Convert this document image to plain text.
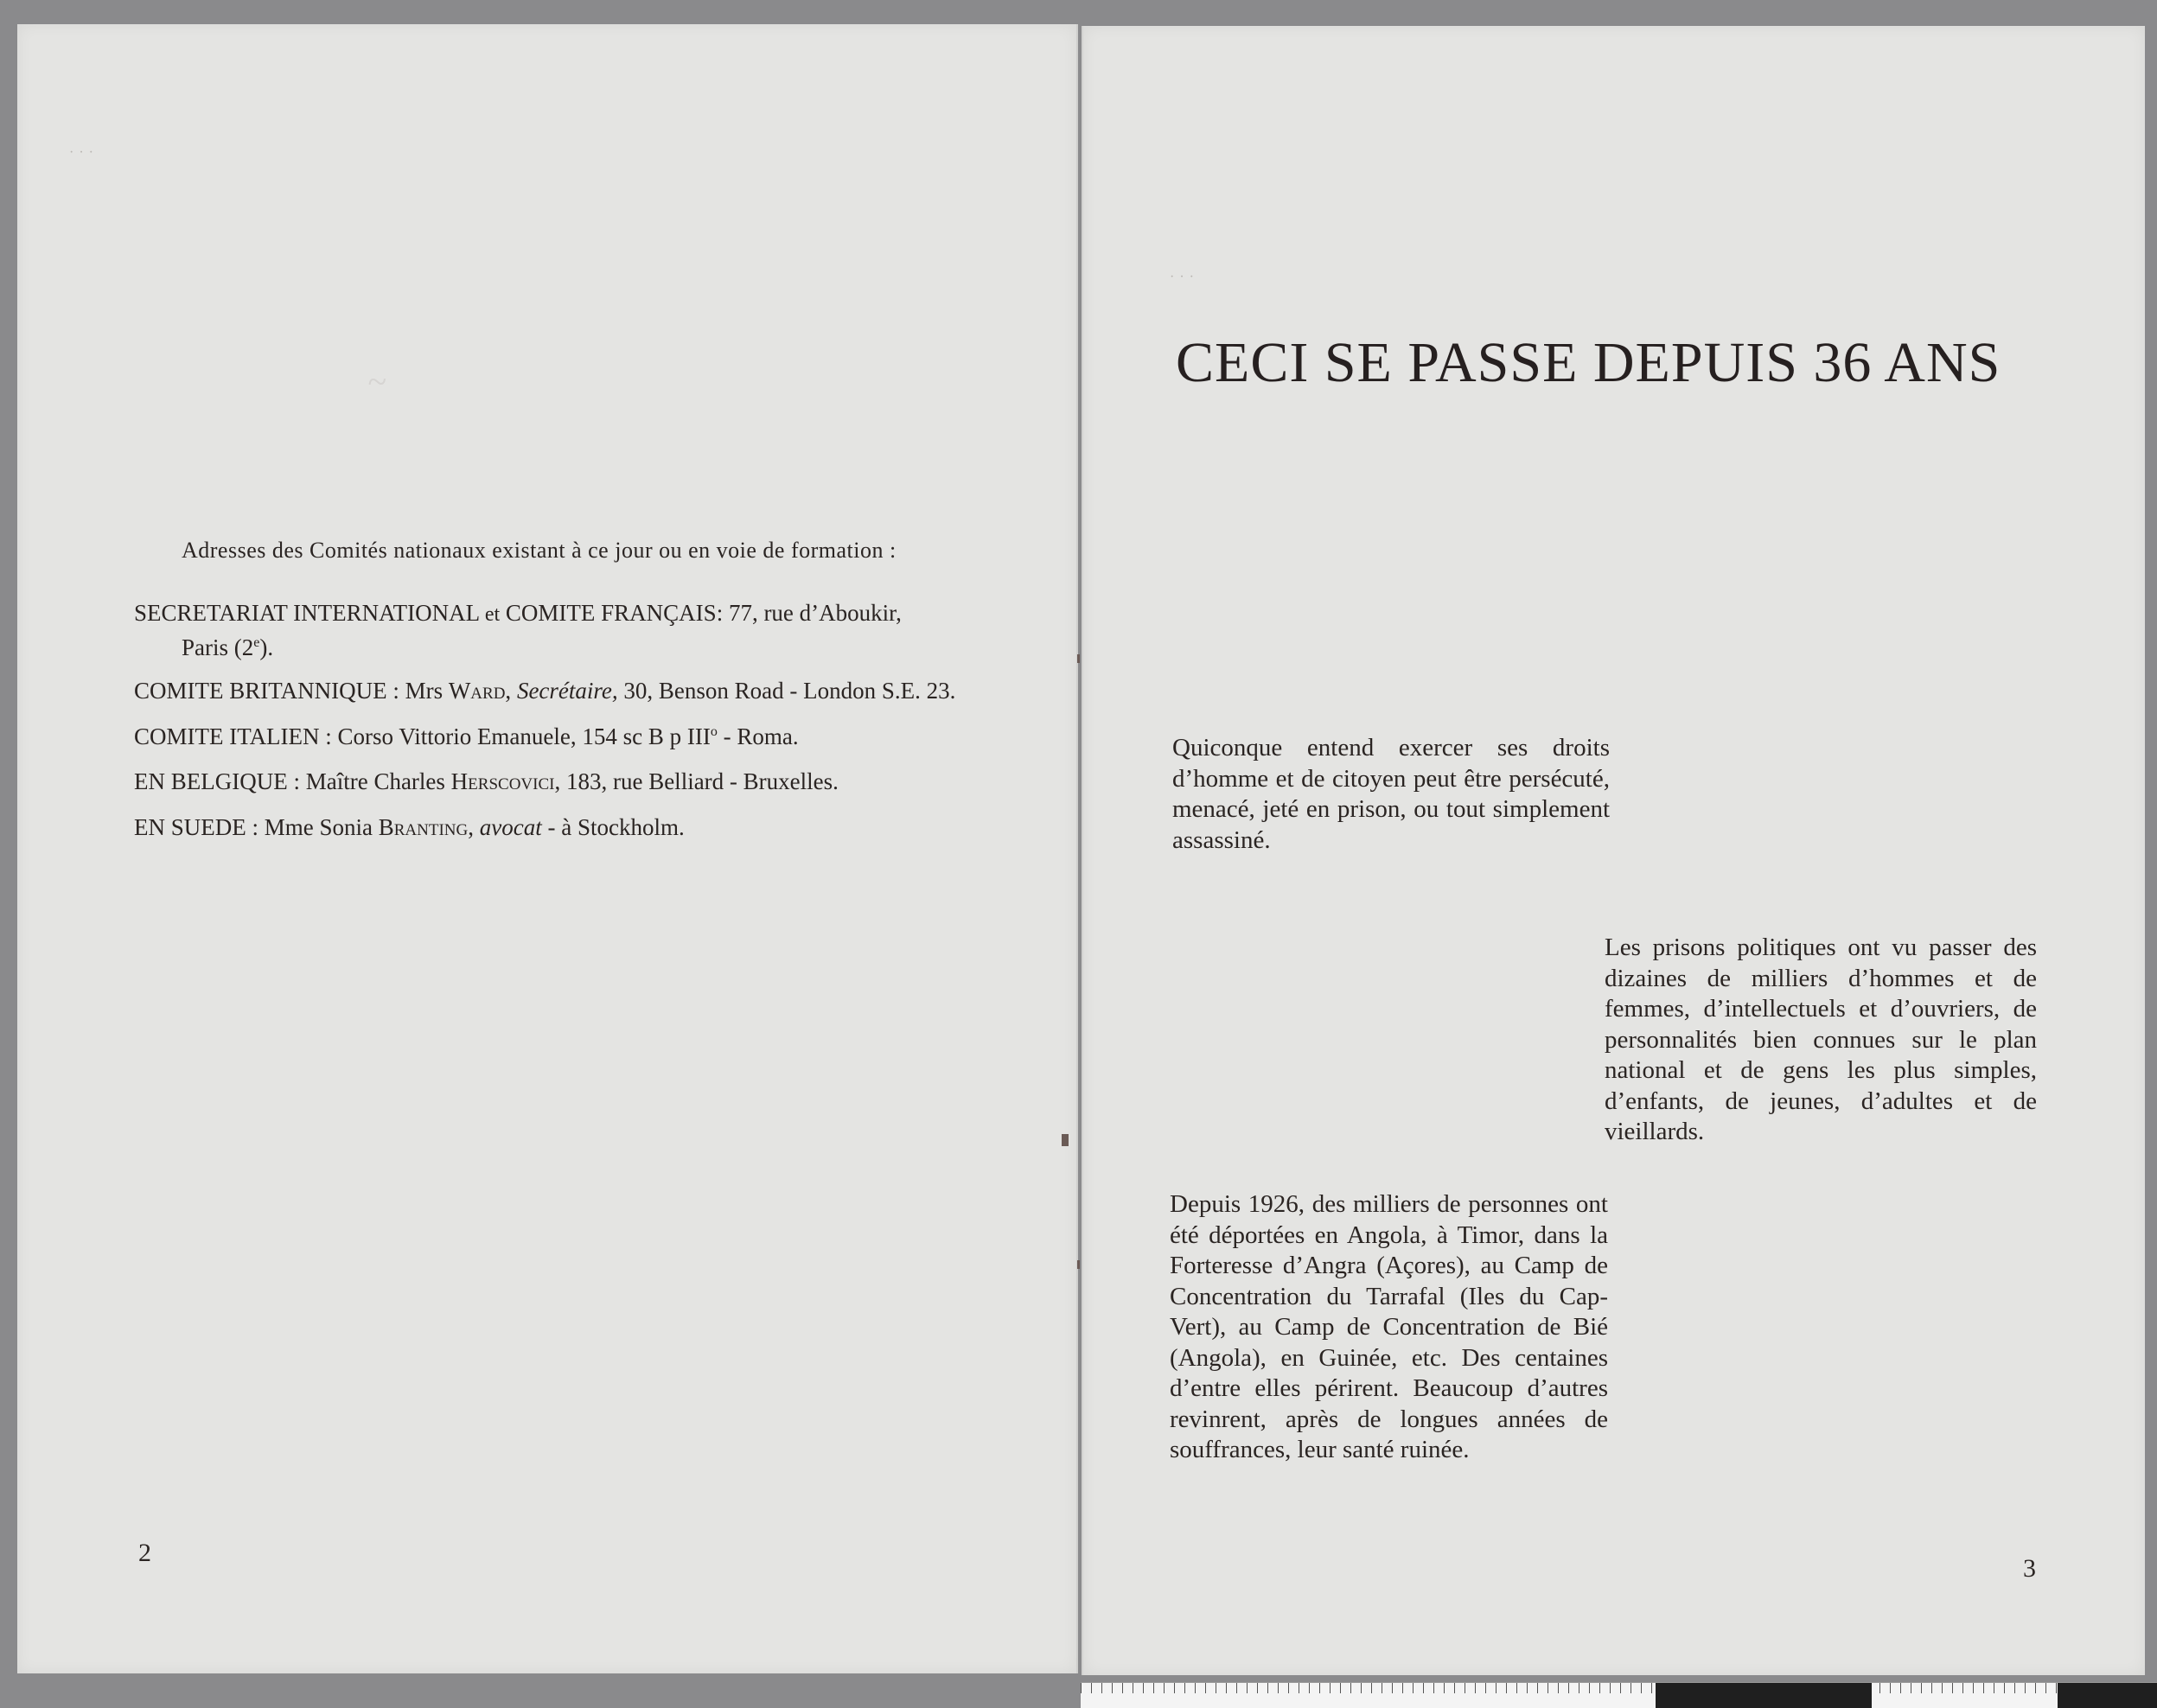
···
~
Adresses des Comités nationaux existant à ce jour ou en voie de formation :
SECRETARIAT INTERNATIONAL et COMITE FRANÇAIS: 77, rue d’Aboukir,
Paris (2e).
COMITE BRITANNIQUE : Mrs Ward, Secrétaire, 30, Benson Road - London S.E. 23.
COMITE ITALIEN : Corso Vittorio Emanuele, 154 sc B p III$^o$ - Roma.
EN BELGIQUE : Maître Charles Herscovici, 183, rue Belliard - Bruxelles.
EN SUEDE : Mme Sonia Branting, avocat - à Stockholm.
2
···
CECI SE PASSE DEPUIS 36 ANS
Quiconque entend exercer ses droits d’homme et de citoyen peut être persécuté, menacé, jeté en prison, ou tout simplement assassiné.
Les prisons politiques ont vu passer des dizaines de milliers d’hommes et de femmes, d’intellectuels et d’ouvriers, de personnalités bien connues sur le plan national et de gens les plus simples, d’enfants, de jeunes, d’adultes et de vieillards.
Depuis 1926, des milliers de personnes ont été déportées en Angola, à Timor, dans la Forteresse d’Angra (Açores), au Camp de Concentration du Tarrafal (Iles du Cap-Vert), au Camp de Concentration de Bié (Angola), en Guinée, etc. Des centaines d’entre elles périrent. Beaucoup d’autres revinrent, après de longues années de souffrances, leur santé ruinée.
3
